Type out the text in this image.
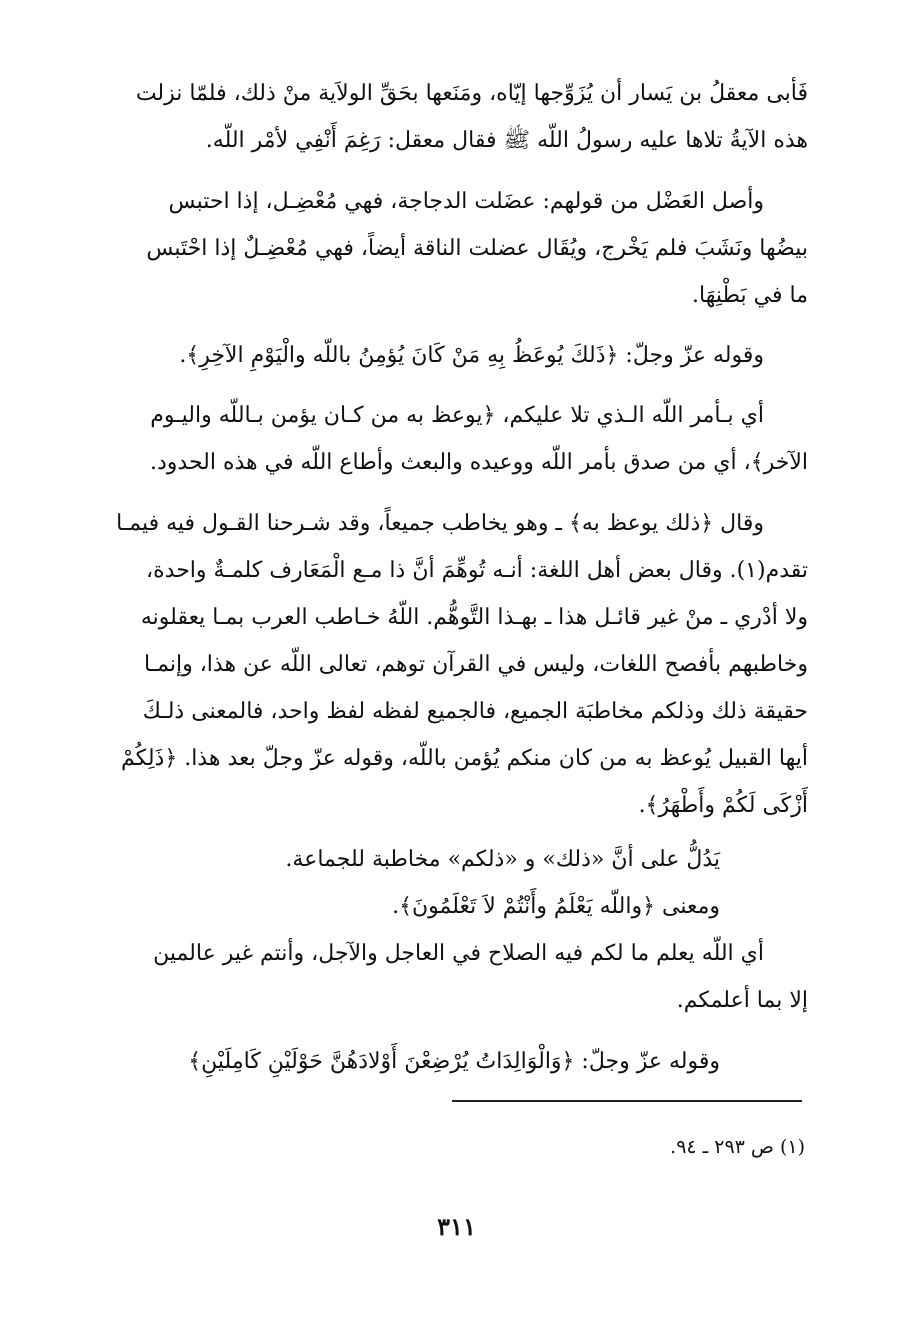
فَأبى معقلُ بن يَسار أن يُزَوِّجها إيّاه، ومَنَعها بحَقِّ الولاَية منْ ذلك، فلمّا نزلت
هذه الآيةُ تلاها عليه رسولُ اللّه ﷺ فقال معقل: رَغِمَ أَنْفِي لأمْر اللّه.
وأصل العَضْل من قولهم: عضَلت الدجاجة، فهي مُعْضِـل، إذا احتبس
بيضُها ونَشَبَ فلم يَخْرج، ويُقَال عضلت الناقة أيضاً، فهي مُعْضِـلٌ إذا احْتَبس
ما في بَطْنِهَا.
وقوله عزّ وجلّ: ﴿ذَلكَ يُوعَظُ بِهِ مَنْ كَانَ يُؤمِنُ باللّه والْيَوْمِ الآخِرِ﴾.
أي بـأمر اللّه الـذي تلا عليكم، ﴿يوعظ به من كـان يؤمن بـاللّه واليـوم
الآخر﴾، أي من صدق بأمر اللّه ووعيده والبعث وأطاع اللّه في هذه الحدود.
وقال ﴿ذلك يوعظ به﴾ ـ وهو يخاطب جميعاً، وقد شـرحنا القـول فيه فيمـا
تقدم(١). وقال بعض أهل اللغة: أنـه تُوهِّمَ أنَّ ذا مـع الْمَعَارف كلمـةٌ واحدة،
ولا أدْري ـ منْ غير قائـل هذا ـ بهـذا التَّوهُّم. اللّهُ خـاطب العرب بمـا يعقلونه
وخاطبهم بأفصح اللغات، وليس في القرآن توهم، تعالى اللّه عن هذا، وإنمـا
حقيقة ذلك وذلكم مخاطبَة الجميع، فالجميع لفظه لفظ واحد، فالمعنى ذلـكَ
أيها القبيل يُوعظ به من كان منكم يُؤمن باللّه، وقوله عزّ وجلّ بعد هذا. ﴿ذَلِكُمْ
أَزْكَى لَكُمْ وأَطْهَرُ﴾.
يَدُلُّ على أنَّ «ذلك» و «ذلكم» مخاطبة للجماعة.
ومعنى ﴿واللّه يَعْلَمُ وأَنْتُمْ لاَ تَعْلَمُونَ﴾.
أي اللّه يعلم ما لكم فيه الصلاح في العاجل والآجل، وأنتم غير عالمين
إلا بما أعلمكم.
وقوله عزّ وجلّ: ﴿وَالْوَالِدَاتُ يُرْضِعْنَ أَوْلادَهُنَّ حَوْلَيْنِ كَامِلَيْنِ﴾
(١) ص ٢٩٣ ـ ٩٤.
٣١١
